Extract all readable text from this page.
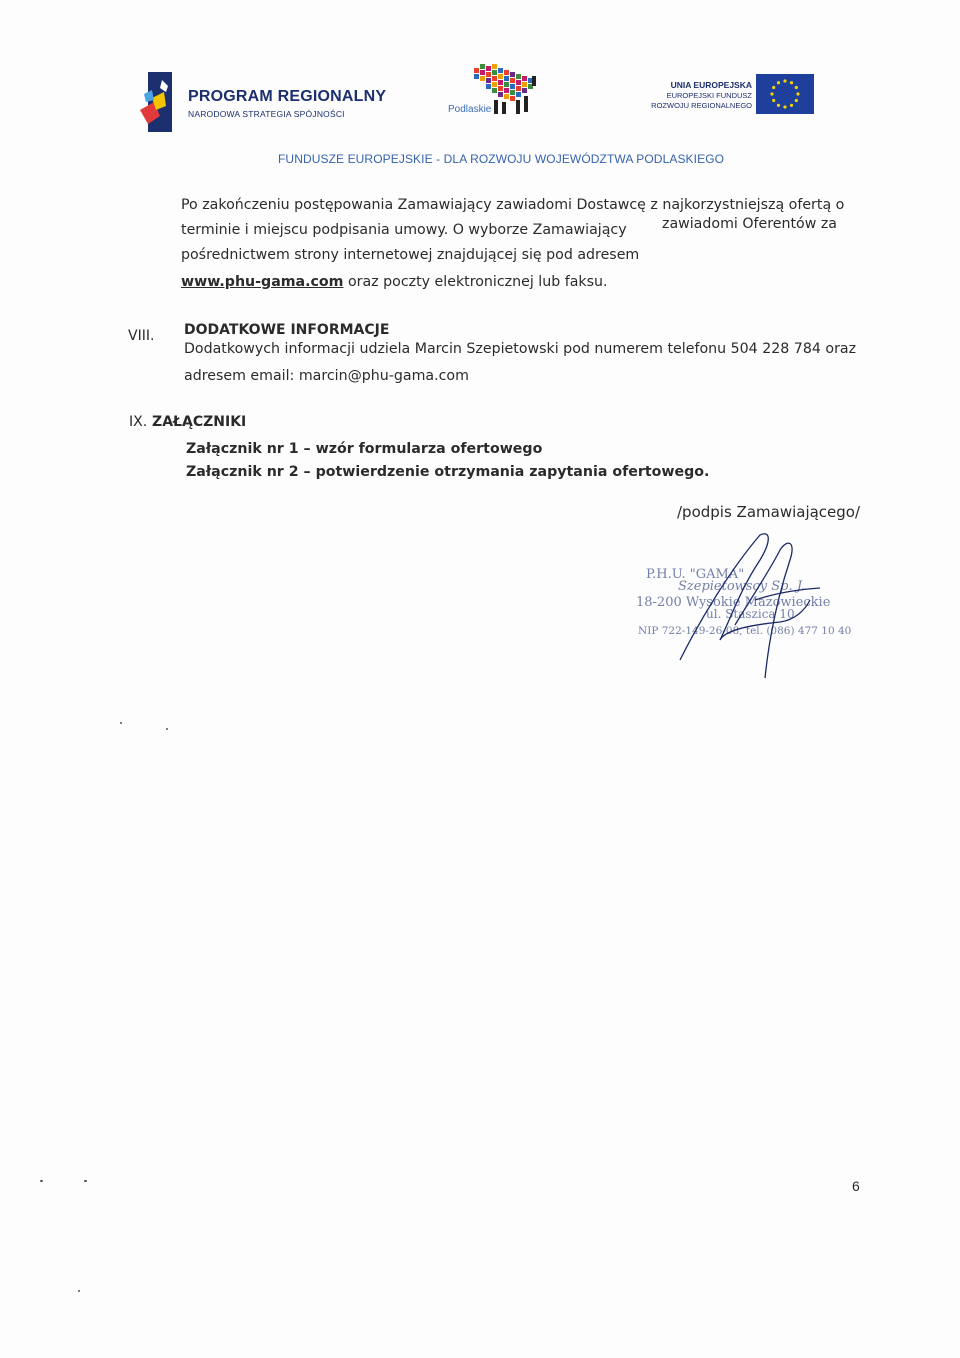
PROGRAM REGIONALNY
NARODOWA STRATEGIA SPÓJNOŚCI	Podlaskie
UNIA EUROPEJSKA
EUROPEJSKI FUNDUSZ
ROZWOJU REGIONALNEGO
FUNDUSZE EUROPEJSKIE - DLA ROZWOJU WOJEWÓDZTWA PODLASKIEGO
Po zakończeniu postępowania Zamawiający zawiadomi Dostawcę z najkorzystniejszą ofertą o
terminie i miejscu podpisania umowy. O wyborze Zamawiający zawiadomi Oferentów za
pośrednictwem strony internetowej znajdującej się pod adresem
www.phu-gama.com oraz poczty elektronicznej lub faksu.
VIII. DODATKOWE INFORMACJE
Dodatkowych informacji udziela Marcin Szepietowski pod numerem telefonu 504 228 784 oraz
adresem email: marcin@phu-gama.com
IX. ZAŁĄCZNIKI
Załącznik nr 1 – wzór formularza ofertowego
Załącznik nr 2 – potwierdzenie otrzymania zapytania ofertowego.
/podpis Zamawiającego/
P.H.U. "GAMA"
Szepietowscy Sp. J.
18-200 Wysokie Mazowieckie
ul. Staszica 10
NIP 722-149-26-08, tel. (086) 477 10 40
6
